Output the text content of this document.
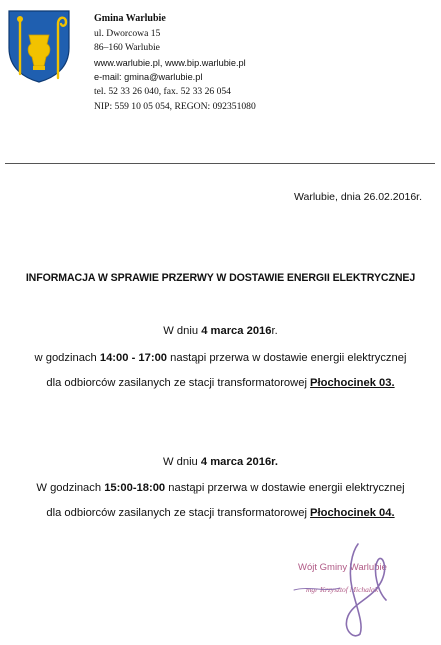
Gmina Warlubie
ul. Dworcowa 15
86–160 Warlubie
www.warlubie.pl, www.bip.warlubie.pl
e-mail: gmina@warlubie.pl
tel. 52 33 26 040, fax. 52 33 26 054
NIP: 559 10 05 054, REGON: 092351080
Warlubie, dnia 26.02.2016r.
INFORMACJA W SPRAWIE PRZERWY W DOSTAWIE ENERGII ELEKTRYCZNEJ
W dniu 4 marca 2016r.
w godzinach 14:00 - 17:00 nastąpi przerwa w dostawie energii elektrycznej
dla odbiorców zasilanych ze stacji transformatorowej Płochocinek 03.
W dniu 4 marca 2016r.
W godzinach 15:00-18:00 nastąpi przerwa w dostawie energii elektrycznej
dla odbiorców zasilanych ze stacji transformatorowej Płochocinek 04.
Wójt Gminy Warlubie
mgr Krzysztof Michalak
